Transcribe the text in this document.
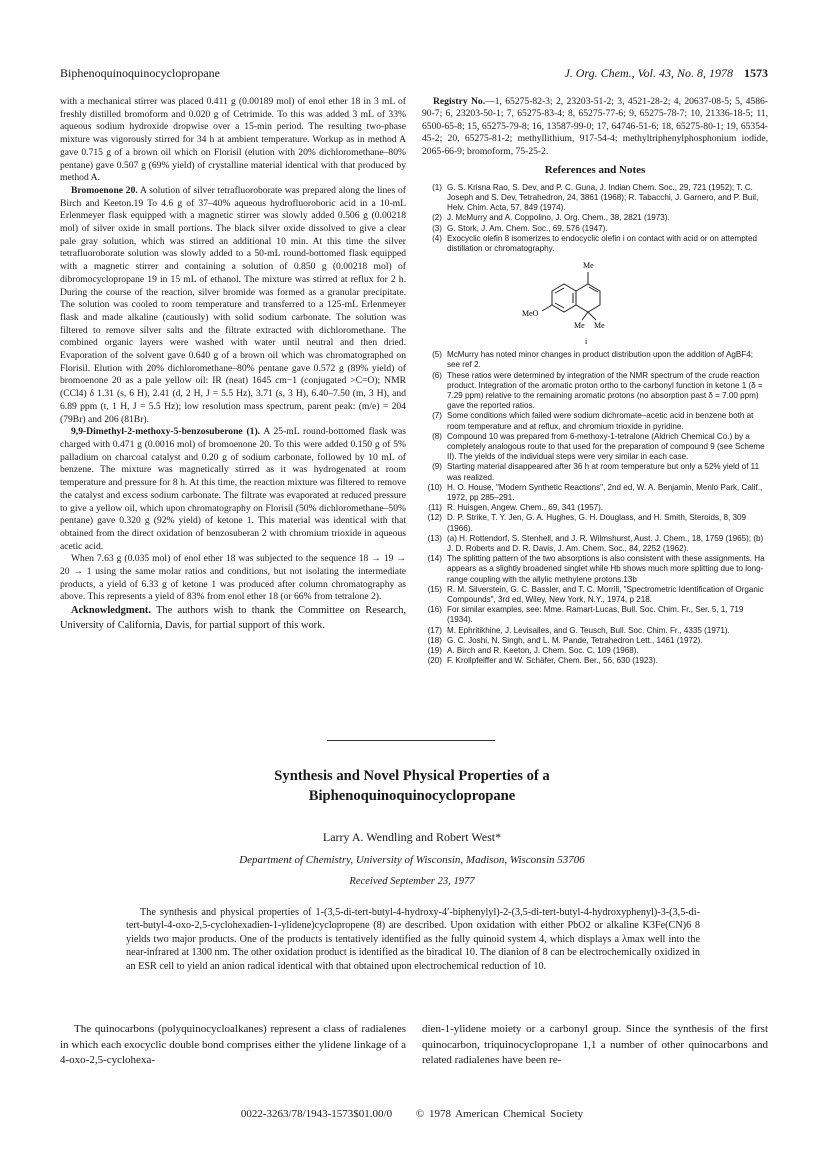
Biphenoquinoquinocyclopropane	J. Org. Chem., Vol. 43, No. 8, 1978 1573

with a mechanical stirrer was placed 0.411 g (0.00189 mol) of enol ether 18 in 3 mL of freshly distilled bromoform and 0.020 g of Cetrimide. To this was added 3 mL of 33% aqueous sodium hydroxide dropwise over a 15-min period. The resulting two-phase mixture was vigorously stirred for 34 h at ambient temperature. Workup as in method A gave 0.715 g of a brown oil which on Florisil (elution with 20% dichloromethane–80% pentane) gave 0.507 g (69% yield) of crystalline material identical with that produced by method A.

Bromoenone 20. A solution of silver tetrafluoroborate was prepared along the lines of Birch and Keeton.19 To 4.6 g of 37–40% aqueous hydrofluoroboric acid in a 10-mL Erlenmeyer flask equipped with a magnetic stirrer was slowly added 0.506 g (0.00218 mol) of silver oxide in small portions. The black silver oxide dissolved to give a clear pale gray solution, which was stirred an additional 10 min. At this time the silver tetrafluoroborate solution was slowly added to a 50-mL round-bottomed flask equipped with a magnetic stirrer and containing a solution of 0.850 g (0.00218 mol) of dibromocyclopropane 19 in 15 mL of ethanol. The mixture was stirred at reflux for 2 h. During the course of the reaction, silver bromide was formed as a granular precipitate. The solution was cooled to room temperature and transferred to a 125-mL Erlenmeyer flask and made alkaline (cautiously) with solid sodium carbonate. The solution was filtered to remove silver salts and the filtrate extracted with dichloromethane. The combined organic layers were washed with water until neutral and then dried. Evaporation of the solvent gave 0.640 g of a brown oil which was chromatographed on Florisil. Elution with 20% dichloromethane–80% pentane gave 0.572 g (89% yield) of bromoenone 20 as a pale yellow oil: IR (neat) 1645 cm−1 (conjugated >C=O); NMR (CCl4) δ 1.31 (s, 6 H), 2.41 (d, 2 H, J = 5.5 Hz), 3.71 (s, 3 H), 6.40–7.50 (m, 3 H), and 6.89 ppm (t, 1 H, J = 5.5 Hz); low resolution mass spectrum, parent peak: (m/e) = 204 (79Br) and 206 (81Br).

9,9-Dimethyl-2-methoxy-5-benzosuberone (1). A 25-mL round-bottomed flask was charged with 0.471 g (0.0016 mol) of bromoenone 20. To this were added 0.150 g of 5% palladium on charcoal catalyst and 0.20 g of sodium carbonate, followed by 10 mL of benzene. The mixture was magnetically stirred as it was hydrogenated at room temperature and pressure for 8 h. At this time, the reaction mixture was filtered to remove the catalyst and excess sodium carbonate. The filtrate was evaporated at reduced pressure to give a yellow oil, which upon chromatography on Florisil (50% dichloromethane–50% pentane) gave 0.320 g (92% yield) of ketone 1. This material was identical with that obtained from the direct oxidation of benzosuberan 2 with chromium trioxide in aqueous acetic acid.

When 7.63 g (0.035 mol) of enol ether 18 was subjected to the sequence 18 → 19 → 20 → 1 using the same molar ratios and conditions, but not isolating the intermediate products, a yield of 6.33 g of ketone 1 was produced after column chromatography as above. This represents a yield of 83% from enol ether 18 (or 66% from tetralone 2).

Acknowledgment. The authors wish to thank the Committee on Research, University of California, Davis, for partial support of this work.

Registry No.—1, 65275-82-3; 2, 23203-51-2; 3, 4521-28-2; 4, 20637-08-5; 5, 4586-90-7; 6, 23203-50-1; 7, 65275-83-4; 8, 65275-77-6; 9, 65275-78-7; 10, 21336-18-5; 11, 6500-65-8; 15, 65275-79-8; 16, 13587-99-0; 17, 64746-51-6; 18, 65275-80-1; 19, 65354-45-2; 20, 65275-81-2; methyllithium, 917-54-4; methyltriphenylphosphonium iodide, 2065-66-9; bromoform, 75-25-2.

References and Notes
(1) G. S. Krisna Rao, S. Dev, and P. C. Guna, J. Indian Chem. Soc., 29, 721 (1952); T. C. Joseph and S. Dev, Tetrahedron, 24, 3861 (1968); R. Tabacchi, J. Garnero, and P. Buil, Helv. Chim. Acta, 57, 849 (1974).
(2) J. McMurry and A. Coppolino, J. Org. Chem., 38, 2821 (1973).
(3) G. Stork, J. Am. Chem. Soc., 69, 576 (1947).
(4) Exocyclic olefin 8 isomerizes to endocyclic olefin i on contact with acid or on attempted distillation or chromatography.
Me
MeO
Me Me
i
(5) McMurry has noted minor changes in product distribution upon the addition of AgBF4; see ref 2.
(6) These ratios were determined by integration of the NMR spectrum of the crude reaction product. Integration of the aromatic proton ortho to the carbonyl function in ketone 1 (δ = 7.29 ppm) relative to the remaining aromatic protons (no absorption past δ = 7.00 ppm) gave the reported ratios.
(7) Some conditions which failed were sodium dichromate–acetic acid in benzene both at room temperature and at reflux, and chromium trioxide in pyridine.
(8) Compound 10 was prepared from 6-methoxy-1-tetralone (Aldrich Chemical Co.) by a completely analogous route to that used for the preparation of compound 9 (see Scheme II). The yields of the individual steps were very similar in each case.
(9) Starting material disappeared after 36 h at room temperature but only a 52% yield of 11 was realized.
(10) H. O. House, "Modern Synthetic Reactions", 2nd ed, W. A. Benjamin, Menlo Park, Calif., 1972, pp 285–291.
(11) R. Huisgen, Angew. Chem., 69, 341 (1957).
(12) D. P. Strike, T. Y. Jen, G. A. Hughes, G. H. Douglass, and H. Smith, Steroids, 8, 309 (1966).
(13) (a) H. Rottendorf, S. Stenhell, and J. R. Wilmshurst, Aust. J. Chem., 18, 1759 (1965); (b) J. D. Roberts and D. R. Davis, J. Am. Chem. Soc., 84, 2252 (1962).
(14) The splitting pattern of the two absorptions is also consistent with these assignments. Ha appears as a slightly broadened singlet while Hb shows much more splitting due to long-range coupling with the allylic methylene protons.13b
(15) R. M. Silverstein, G. C. Bassler, and T. C. Morrill, "Spectrometric Identification of Organic Compounds", 3rd ed, Wiley, New York, N.Y., 1974, p 218.
(16) For similar examples, see: Mme. Ramart-Lucas, Bull. Soc. Chim. Fr., Ser. 5, 1, 719 (1934).
(17) M. Ephritikhine, J. Levisalles, and G. Teusch, Bull. Soc. Chim. Fr., 4335 (1971).
(18) G. C. Joshi, N. Singh, and L. M. Pande, Tetrahedron Lett., 1461 (1972).
(19) A. Birch and R. Keeton, J. Chem. Soc. C, 109 (1968).
(20) F. Krollpfeiffer and W. Schäfer, Chem. Ber., 56, 630 (1923).
Synthesis and Novel Physical Properties of a
Biphenoquinoquinocyclopropane
Larry A. Wendling and Robert West*
Department of Chemistry, University of Wisconsin, Madison, Wisconsin 53706
Received September 23, 1977

The synthesis and physical properties of 1-(3,5-di-tert-butyl-4-hydroxy-4′-biphenylyl)-2-(3,5-di-tert-butyl-4-hydroxyphenyl)-3-(3,5-di-tert-butyl-4-oxo-2,5-cyclohexadien-1-ylidene)cyclopropene (8) are described. Upon oxidation with either PbO2 or alkaline K3Fe(CN)6 8 yields two major products. One of the products is tentatively identified as the fully quinoid system 4, which displays a λmax well into the near-infrared at 1300 nm. The other oxidation product is identified as the biradical 10. The dianion of 8 can be electrochemically oxidized in an ESR cell to yield an anion radical identical with that obtained upon electrochemical reduction of 10.

The quinocarbons (polyquinocycloalkanes) represent a class of radialenes in which each exocyclic double bond comprises either the ylidene linkage of a 4-oxo-2,5-cyclohexa-

dien-1-ylidene moiety or a carbonyl group. Since the synthesis of the first quinocarbon, triquinocyclopropane 1,1 a number of other quinocarbons and related radialenes have been re-

0022-3263/78/1943-1573$01.00/0 © 1978 American Chemical Society
